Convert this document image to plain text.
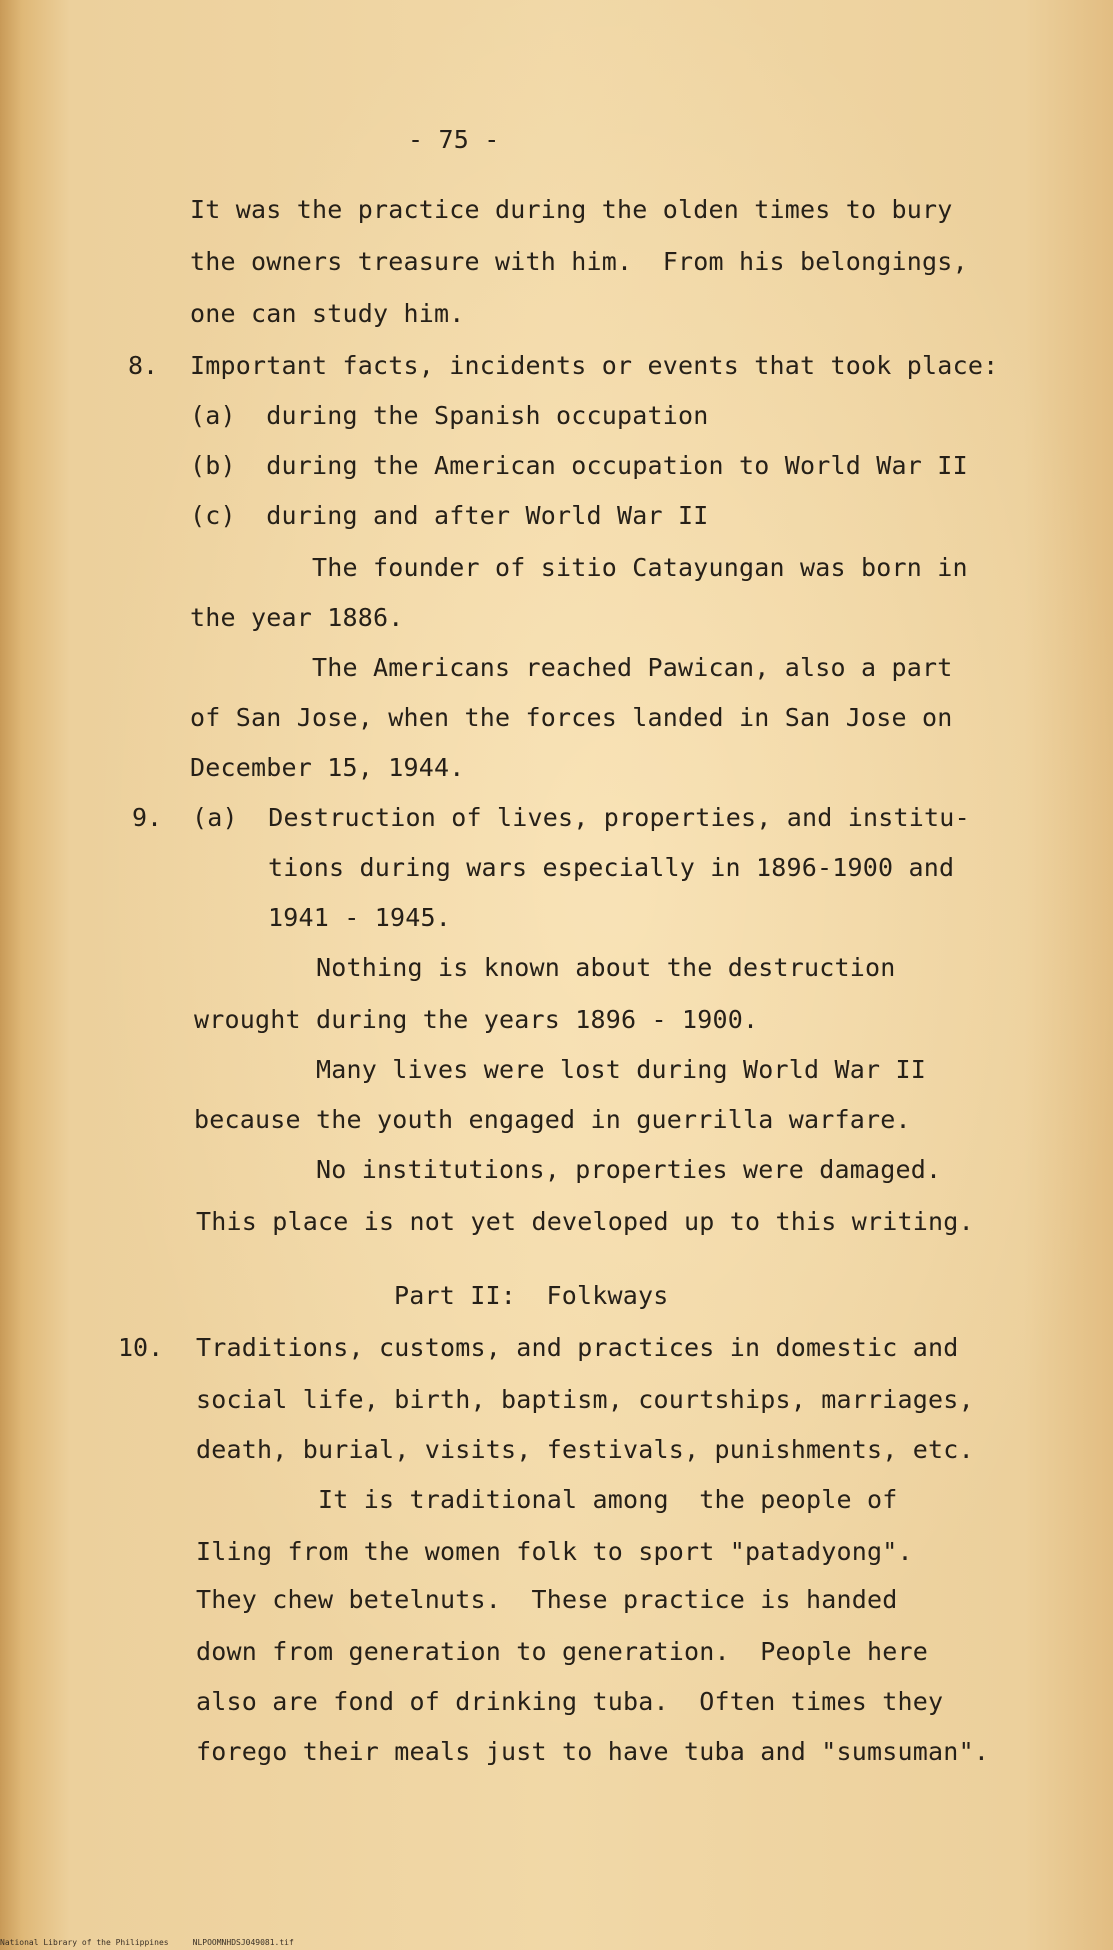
- 75 -
It was the practice during the olden times to bury
the owners treasure with him.  From his belongings,
one can study him.
8. Important facts, incidents or events that took place:
(a)  during the Spanish occupation
(b)  during the American occupation to World War II
(c)  during and after World War II
The founder of sitio Catayungan was born in
the year 1886.
The Americans reached Pawican, also a part
of San Jose, when the forces landed in San Jose on
December 15, 1944.
9. (a)  Destruction of lives, properties, and institu-
tions during wars especially in 1896-1900 and
1941 - 1945.
Nothing is known about the destruction
wrought during the years 1896 - 1900.
Many lives were lost during World War II
because the youth engaged in guerrilla warfare.
No institutions, properties were damaged.
This place is not yet developed up to this writing.
Part II:  Folkways
10. Traditions, customs, and practices in domestic and
social life, birth, baptism, courtships, marriages,
death, burial, visits, festivals, punishments, etc.
It is traditional among  the people of
Iling from the women folk to sport "patadyong".
They chew betelnuts.  These practice is handed
down from generation to generation.  People here
also are fond of drinking tuba.  Often times they
forego their meals just to have tuba and "sumsuman".
National Library of the Philippines     NLPOOMNHDSJ049081.tif
